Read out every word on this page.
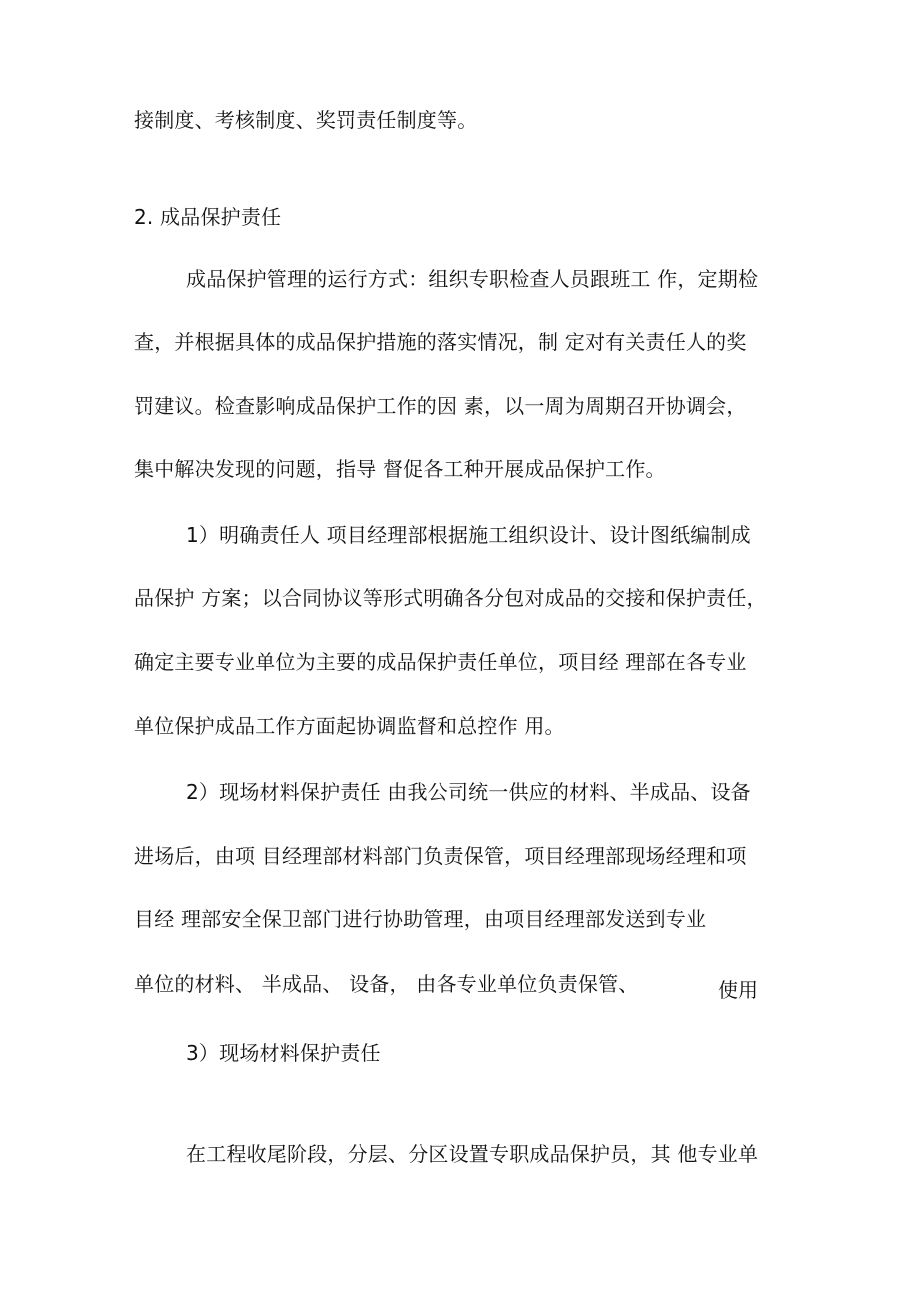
接制度、考核制度、奖罚责任制度等。
2. 成品保护责任
成品保护管理的运行方式：组织专职检查人员跟班工 作，定期检
查，并根据具体的成品保护措施的落实情况，制 定对有关责任人的奖
罚建议。检查影响成品保护工作的因 素，以一周为周期召开协调会，
集中解决发现的问题，指导 督促各工种开展成品保护工作。
1）明确责任人 项目经理部根据施工组织设计、设计图纸编制成
品保护 方案；以合同协议等形式明确各分包对成品的交接和保护责任，
确定主要专业单位为主要的成品保护责任单位，项目经 理部在各专业
单位保护成品工作方面起协调监督和总控作 用。
2）现场材料保护责任 由我公司统一供应的材料、半成品、设备
进场后，由项 目经理部材料部门负责保管，项目经理部现场经理和项
目经 理部安全保卫部门进行协助管理，由项目经理部发送到专业
单位的材料、 半成品、 设备， 由各专业单位负责保管、	使用
3）现场材料保护责任
在工程收尾阶段，分层、分区设置专职成品保护员，其 他专业单
